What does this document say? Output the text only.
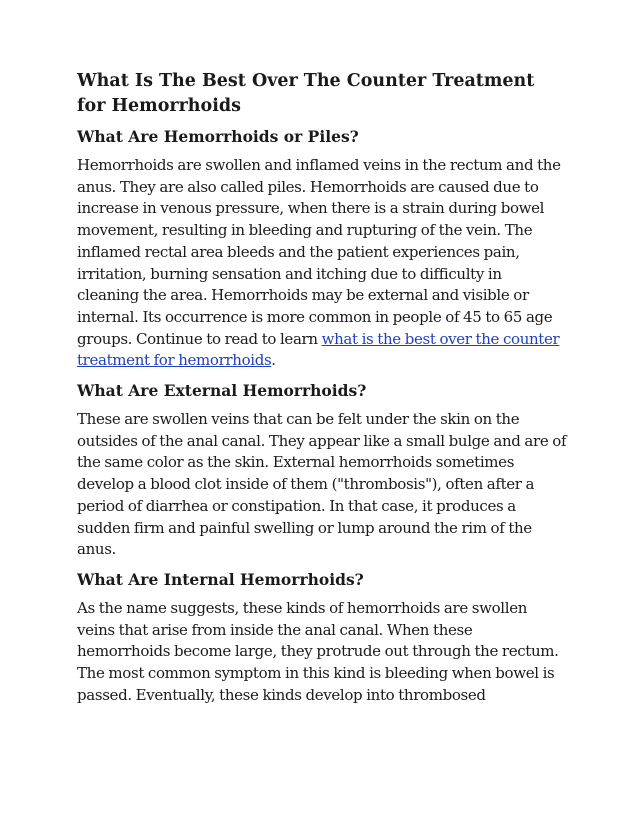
What Is The Best Over The Counter Treatment for Hemorrhoids
What Are Hemorrhoids or Piles?

Hemorrhoids are swollen and inflamed veins in the rectum and the anus. They are also called piles. Hemorrhoids are caused due to increase in venous pressure, when there is a strain during bowel movement, resulting in bleeding and rupturing of the vein. The inflamed rectal area bleeds and the patient experiences pain, irritation, burning sensation and itching due to difficulty in cleaning the area. Hemorrhoids may be external and visible or internal. Its occurrence is more common in people of 45 to 65 age groups. Continue to read to learn what is the best over the counter treatment for hemorrhoids.

What Are External Hemorrhoids?

These are swollen veins that can be felt under the skin on the outsides of the anal canal. They appear like a small bulge and are of the same color as the skin. External hemorrhoids sometimes develop a blood clot inside of them ("thrombosis"), often after a period of diarrhea or constipation. In that case, it produces a sudden firm and painful swelling or lump around the rim of the anus.

What Are Internal Hemorrhoids?

As the name suggests, these kinds of hemorrhoids are swollen veins that arise from inside the anal canal. When these hemorrhoids become large, they protrude out through the rectum. The most common symptom in this kind is bleeding when bowel is passed. Eventually, these kinds develop into thrombosed
